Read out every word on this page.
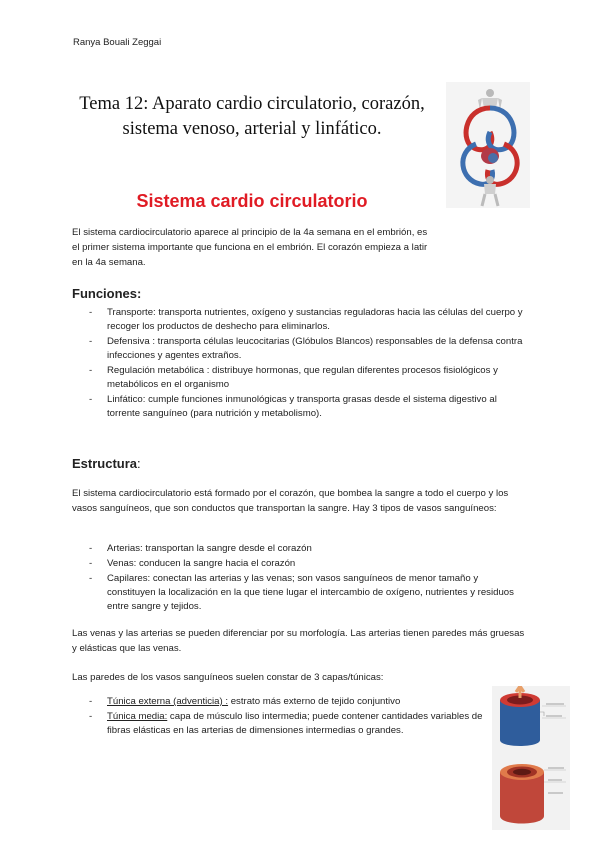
Ranya Bouali Zeggai
Tema 12: Aparato cardio circulatorio, corazón, sistema venoso, arterial y linfático.
Sistema cardio circulatorio
El sistema cardiocirculatorio aparece al principio de la 4a semana en el embrión, es el primer sistema importante que funciona en el embrión. El corazón empieza a latir en la 4a semana.
Funciones:
- Transporte: transporta nutrientes, oxígeno y sustancias reguladoras hacia las células del cuerpo y recoger los productos de deshecho para eliminarlos.
- Defensiva : transporta células leucocitarias (Glóbulos Blancos) responsables de la defensa contra infecciones y agentes extraños.
- Regulación metabólica : distribuye hormonas, que regulan diferentes procesos fisiológicos y metabólicos en el organismo
- Linfático: cumple funciones inmunológicas y transporta grasas desde el sistema digestivo al torrente sanguíneo (para nutrición y metabolismo).
Estructura:
El sistema cardiocirculatorio está formado por el corazón, que bombea la sangre a todo el cuerpo y los vasos sanguíneos, que son conductos que transportan la sangre. Hay 3 tipos de vasos sanguíneos:
- Arterias: transportan la sangre desde el corazón
- Venas: conducen la sangre hacia el corazón
- Capilares: conectan las arterias y las venas; son vasos sanguíneos de menor tamaño y constituyen la localización en la que tiene lugar el intercambio de oxígeno, nutrientes y residuos entre sangre y tejidos.
Las venas y las arterias se pueden diferenciar por su morfología. Las arterias tienen paredes más gruesas y elásticas que las venas.
Las paredes de los vasos sanguíneos suelen constar de 3 capas/túnicas:
- Túnica externa (adventicia) : estrato más externo de tejido conjuntivo
- Túnica media: capa de músculo liso intermedia; puede contener cantidades variables de fibras elásticas en las arterias de dimensiones intermedias o grandes.
